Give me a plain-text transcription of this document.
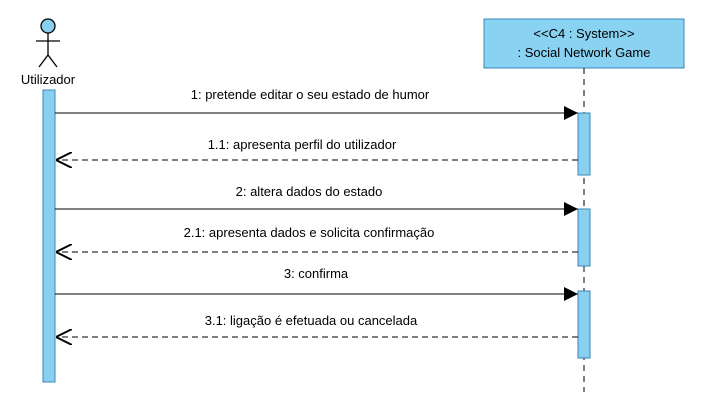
Utilizador
<<C4 : System>>
: Social Network Game
1: pretende editar o seu estado de humor
1.1: apresenta perfil do utilizador
2: altera dados do estado
2.1: apresenta dados e solicita confirmação
3: confirma
3.1: ligação é efetuada ou cancelada
